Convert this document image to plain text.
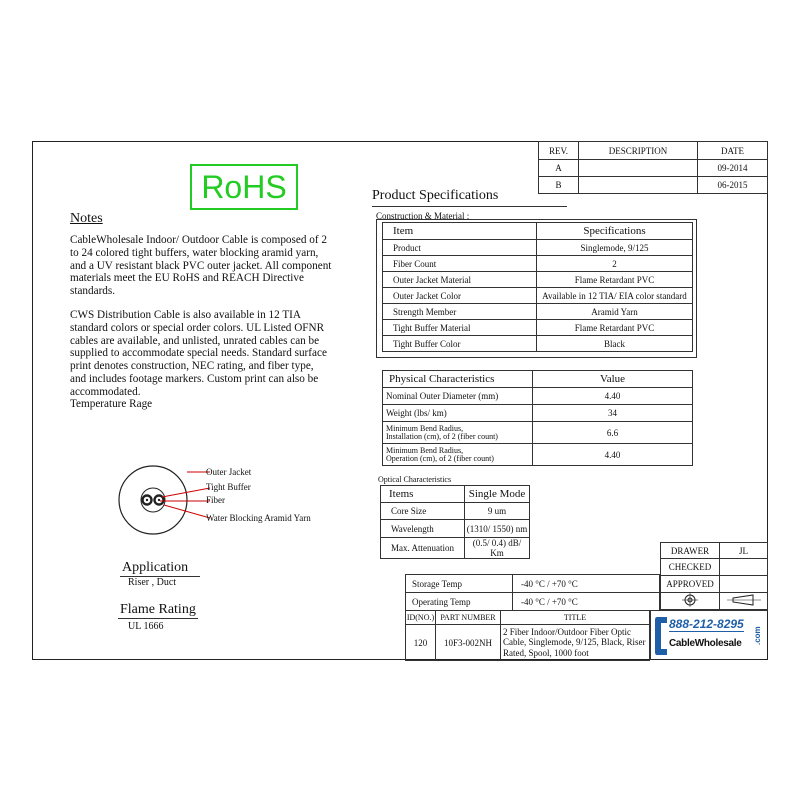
REV.	DESCRIPTION	DATE
A		09-2014
B		06-2015
RoHS
Notes
CableWholesale Indoor/ Outdoor Cable is composed of 2 to 24 colored tight buffers, water blocking aramid yarn, and a UV resistant black PVC outer jacket. All component materials meet the EU RoHS and REACH Directive standards.
CWS Distribution Cable is also available in 12 TIA standard colors or special order colors. UL Listed OFNR cables are available, and unlisted, unrated cables can be supplied to accommodate special needs. Standard surface print denotes construction, NEC rating, and fiber type, and includes footage markers. Custom print can also be accommodated.
Temperature Rage
Product Specifications
Construction & Material :
Item	Specifications
Product	Singlemode, 9/125
Fiber Count	2
Outer Jacket Material	Flame Retardant PVC
Outer Jacket Color	Available in 12 TIA/ EIA color standard
Strength Member	Aramid Yarn
Tight Buffer Material	Flame Retardant PVC
Tight Buffer Color	Black
Physical Characteristics	Value
Nominal Outer Diameter (mm)	4.40
Weight (lbs/ km)	34

Minimum Bend Radius,
Installation (cm), of 2 (fiber count)	6.6

Minimum Bend Radius,
Operation (cm), of 2 (fiber count)	4.40
Optical Characteristics
Items	Single Mode
Core Size	9 um
Wavelength	(1310/ 1550) nm
Max. Attenuation	(0.5/ 0.4) dB/ Km
Outer Jacket
Tight Buffer
Fiber
Water Blocking Aramid Yarn
Application
Riser , Duct
Flame Rating
UL 1666
DRAWER	JL
CHECKED	
APPROVED	

Storage Temp	-40 °C / +70 °C
Operating Temp	-40 °C / +70 °C
ID(NO.)	PART NUMBER	TITLE
120	10F3-002NH	2 Fiber Indoor/Outdoor Fiber Optic Cable, Singlemode, 9/125, Black, Riser Rated, Spool, 1000 foot
888-212-8295
.com
CableWholesale
